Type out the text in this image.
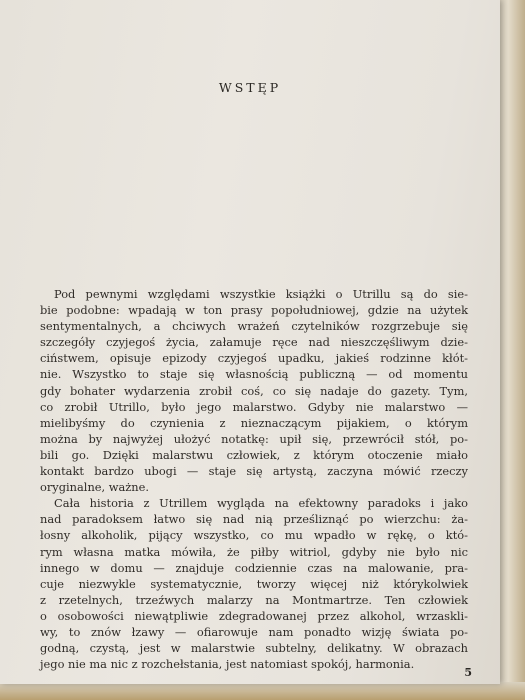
WSTĘP

Pod pewnymi względami wszystkie książki o Utrillu są do sie-
bie podobne: wpadają w ton prasy popołudniowej, gdzie na użytek
sentymentalnych, a chciwych wrażeń czytelników rozgrzebuje się
szczegóły czyjegoś życia, załamuje ręce nad nieszczęśliwym dzie-
ciństwem, opisuje epizody czyjegoś upadku, jakieś rodzinne kłót-
nie. Wszystko to staje się własnością publiczną — od momentu
gdy bohater wydarzenia zrobił coś, co się nadaje do gazety. Tym,
co zrobił Utrillo, było jego malarstwo. Gdyby nie malarstwo —
mielibyśmy do czynienia z nieznaczącym pijakiem, o którym
można by najwyżej ułożyć notatkę: upił się, przewrócił stół, po-
bili go. Dzięki malarstwu człowiek, z którym otoczenie miało
kontakt bardzo ubogi — staje się artystą, zaczyna mówić rzeczy
oryginalne, ważne.

Cała historia z Utrillem wygląda na efektowny paradoks i jako
nad paradoksem łatwo się nad nią prześliznąć po wierzchu: ża-
łosny alkoholik, pijący wszystko, co mu wpadło w rękę, o któ-
rym własna matka mówiła, że piłby witriol, gdyby nie było nic
innego w domu — znajduje codziennie czas na malowanie, pra-
cuje niezwykle systematycznie, tworzy więcej niż którykolwiek
z rzetelnych, trzeźwych malarzy na Montmartrze. Ten człowiek
o osobowości niewątpliwie zdegradowanej przez alkohol, wrzaskli-
wy, to znów łzawy — ofiarowuje nam ponadto wizję świata po-
godną, czystą, jest w malarstwie subtelny, delikatny. W obrazach
jego nie ma nic z rozchełstania, jest natomiast spokój, harmonia.

5
